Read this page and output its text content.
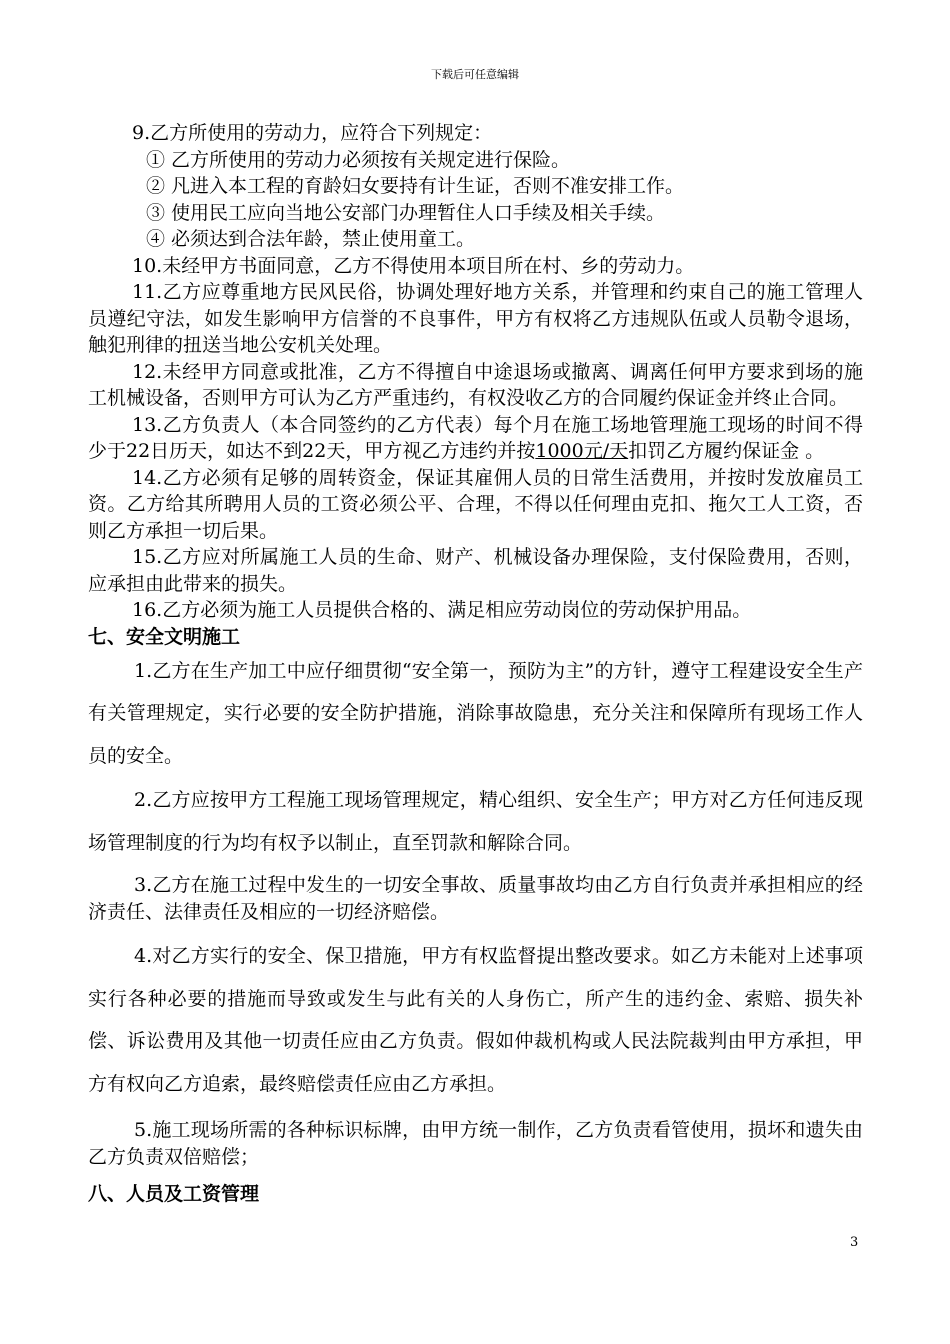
下载后可任意编辑

9.乙方所使用的劳动力，应符合下列规定：

① 乙方所使用的劳动力必须按有关规定进行保险。

② 凡进入本工程的育龄妇女要持有计生证，否则不准安排工作。

③ 使用民工应向当地公安部门办理暂住人口手续及相关手续。

④ 必须达到合法年龄，禁止使用童工。

10.未经甲方书面同意，乙方不得使用本项目所在村、乡的劳动力。

11.乙方应尊重地方民风民俗，协调处理好地方关系，并管理和约束自己的施工管理人员遵纪守法，如发生影响甲方信誉的不良事件，甲方有权将乙方违规队伍或人员勒令退场，触犯刑律的扭送当地公安机关处理。

12.未经甲方同意或批准，乙方不得擅自中途退场或撤离、调离任何甲方要求到场的施工机械设备，否则甲方可认为乙方严重违约，有权没收乙方的合同履约保证金并终止合同。

13.乙方负责人（本合同签约的乙方代表）每个月在施工场地管理施工现场的时间不得少于22日历天，如达不到22天，甲方视乙方违约并按1000元/天扣罚乙方履约保证金 。

14.乙方必须有足够的周转资金，保证其雇佣人员的日常生活费用，并按时发放雇员工资。乙方给其所聘用人员的工资必须公平、合理，不得以任何理由克扣、拖欠工人工资，否则乙方承担一切后果。

15.乙方应对所属施工人员的生命、财产、机械设备办理保险，支付保险费用，否则，应承担由此带来的损失。

16.乙方必须为施工人员提供合格的、满足相应劳动岗位的劳动保护用品。

七、安全文明施工

1.乙方在生产加工中应仔细贯彻“安全第一，预防为主”的方针，遵守工程建设安全生产有关管理规定，实行必要的安全防护措施，消除事故隐患，充分关注和保障所有现场工作人员的安全。

2.乙方应按甲方工程施工现场管理规定，精心组织、安全生产；甲方对乙方任何违反现场管理制度的行为均有权予以制止，直至罚款和解除合同。

3.乙方在施工过程中发生的一切安全事故、质量事故均由乙方自行负责并承担相应的经济责任、法律责任及相应的一切经济赔偿。

4.对乙方实行的安全、保卫措施，甲方有权监督提出整改要求。如乙方未能对上述事项实行各种必要的措施而导致或发生与此有关的人身伤亡，所产生的违约金、索赔、损失补偿、诉讼费用及其他一切责任应由乙方负责。假如仲裁机构或人民法院裁判由甲方承担，甲方有权向乙方追索，最终赔偿责任应由乙方承担。

5.施工现场所需的各种标识标牌，由甲方统一制作，乙方负责看管使用，损坏和遗失由乙方负责双倍赔偿；

八、人员及工资管理

3
